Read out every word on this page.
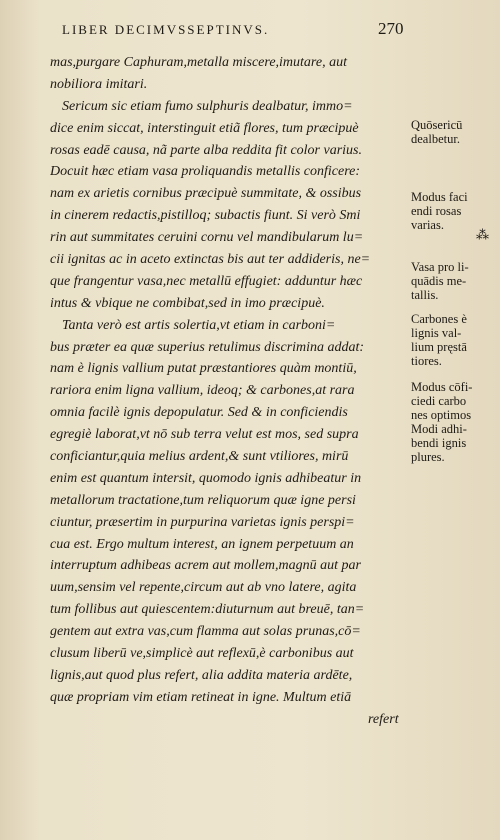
LIBER DECIMVSSEPTINVS.	270
mas,purgare Caphuram,metalla miscere,imutare, aut
nobiliora imitari.
Sericum sic etiam fumo sulphuris dealbatur, immo=
dice enim siccat, interstinguit etiã flores, tum præcipuè
rosas eadē causa, nã parte alba reddita fit color varius.
Docuit hæc etiam vasa proliquandis metallis conficere:
nam ex arietis cornibus præcipuè summitate, & ossibus
in cinerem redactis,pistilloq; subactis fiunt. Si verò Smi
rin aut summitates ceruini cornu vel mandibularum lu=
cii ignitas ac in aceto extinctas bis aut ter addideris, ne=
que frangentur vasa,nec metallū effugiet: adduntur hæc
intus & vbique ne combibat,sed in imo præcipuè.
Tanta verò est artis solertia,vt etiam in carboni=
bus præter ea quæ superius retulimus discrimina addat:
nam è lignis vallium putat præstantiores quàm montiū,
rariora enim ligna vallium, ideoq; & carbones,at rara
omnia facilè ignis depopulatur. Sed & in conficiendis
egregiè laborat,vt nō sub terra velut est mos, sed supra
conficiantur,quia melius ardent,& sunt vtiliores, mirū
enim est quantum intersit, quomodo ignis adhibeatur in
metallorum tractatione,tum reliquorum quæ igne persi
ciuntur, præsertim in purpurina varietas ignis perspi=
cua est. Ergo multum interest, an ignem perpetuum an
interruptum adhibeas acrem aut mollem,magnū aut par
uum,sensim vel repente,circum aut ab vno latere, agita
tum follibus aut quiescentem:diuturnum aut breuē, tan=
gentem aut extra vas,cum flamma aut solas prunas,cō=
clusum liberū ve,simplicè aut reflexū,è carbonibus aut
lignis,aut quod plus refert, alia addita materia ardēte,
quæ propriam vim etiam retineat in igne. Multum etiā
refert
Quōsericū
dealbetur.
Modus faci
endi rosas
varias.
Vasa pro li-
quādis me-
tallis.
Carbones è
lignis val-
lium pręstā
tiores.
Modus cōfi-
ciedi carbo
nes optimos
Modi adhi-
bendi ignis
plures.
⁂
